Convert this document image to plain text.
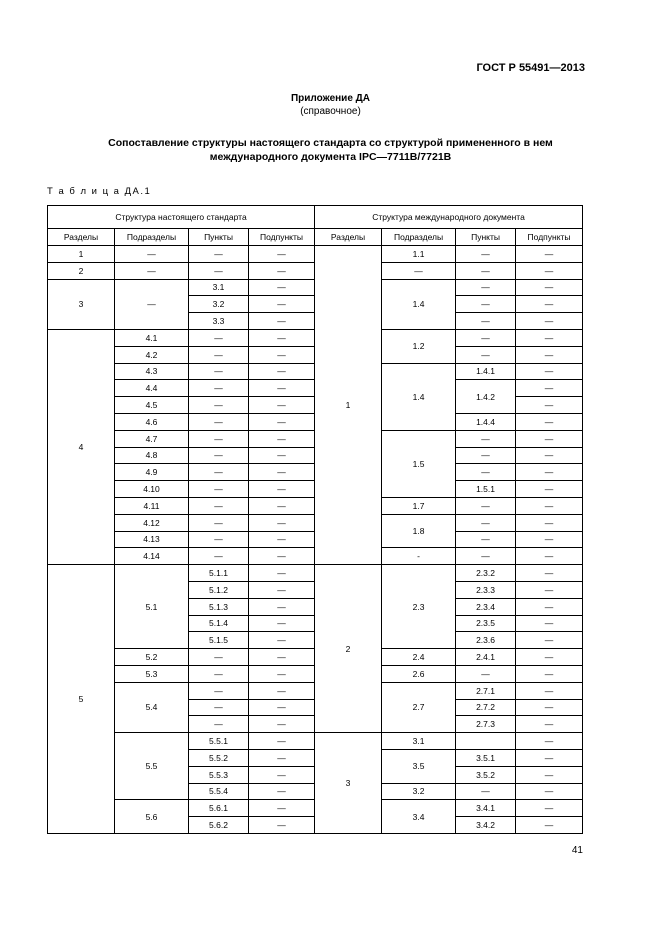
ГОСТ Р 55491—2013
Приложение ДА
(справочное)
Сопоставление структуры настоящего стандарта со структурой примененного в нем
международного документа IPC—7711B/7721B
Т а б л и ц а ДА.1
Структура настоящего стандарта				Структура международного документа			
Разделы	Подразделы	Пункты	Подпункты	Разделы	Подразделы	Пункты	Подпункты
1	—	—	—	1	1.1	—	—
2	—	—	—		—	—	—
3	—	3.1	—		1.4	—	—
		3.2	—			—	—
		3.3	—			—	—
4	4.1	—	—		1.2	—	—
	4.2	—	—			—	—
	4.3	—	—		1.4	1.4.1	—
	4.4	—	—			1.4.2	—
	4.5	—	—				—
	4.6	—	—			1.4.4	—
	4.7	—	—		1.5	—	—
	4.8	—	—			—	—
	4.9	—	—			—	—
	4.10	—	—			1.5.1	—
	4.11	—	—		1.7	—	—
	4.12	—	—		1.8	—	—
	4.13	—	—			—	—
	4.14	—	—		-	—	—
5	5.1	5.1.1	—	2	2.3	2.3.2	—
		5.1.2	—			2.3.3	—
		5.1.3	—			2.3.4	—
		5.1.4	—			2.3.5	—
		5.1.5	—			2.3.6	—
	5.2	—	—		2.4	2.4.1	—
	5.3	—	—		2.6	—	—
	5.4	—	—		2.7	2.7.1	—
		—	—			2.7.2	—
		—	—			2.7.3	—
	5.5	5.5.1	—	3	3.1		—
		5.5.2	—		3.5	3.5.1	—
		5.5.3	—			3.5.2	—
		5.5.4	—		3.2	—	—
	5.6	5.6.1	—		3.4	3.4.1	—
		5.6.2	—			3.4.2	—
41
